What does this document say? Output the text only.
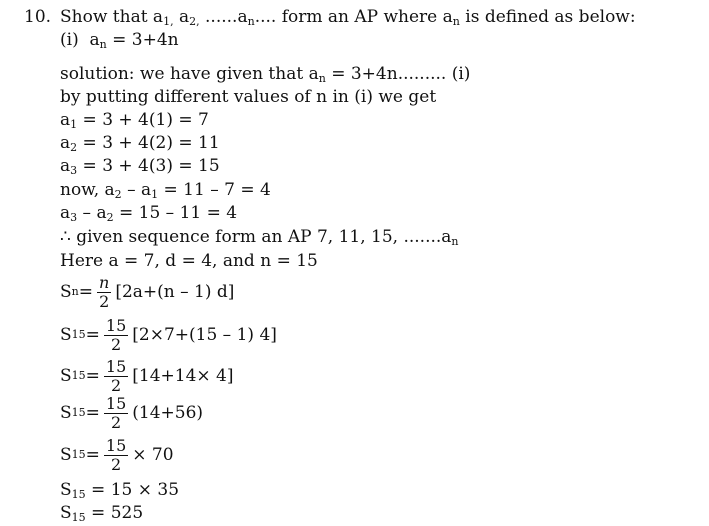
10. Show that $a_{1,}$ $a_{2,}$ $......a_n$.... form an AP where $a_n$ is defined as below:
(i) $a_n = 3+4n$
solution: we have given that $a_n = 3+4n$......... (i)
by putting different values of n in (i) we get
$a_1 = 3 + 4(1) = 7$
$a_2 = 3 + 4(2) = 11$
$a_3 = 3 + 4(3) = 15$
now, $a_2 - a_1 = 11 - 7 = 4$
$a_3 - a_2 = 15 - 11 = 4$
∴ given sequence form an AP 7, 11, 15, $.......a_n$
Here a = 7, d = 4, and n = 15
S $n = \frac{n}{2} [2a+(n - 1)$ d]
S $15 = \frac{15}{2} [2\times 7+(15 - 1)$ 4]
S $15 = \frac{15}{2} [14+14\times 4]$
S $15 = \frac{15}{2} (14+56)$
S $15 = \frac{15}{2} \times 70$
$S_{15} = 15 \times 35$
$S_{15} = 525$
